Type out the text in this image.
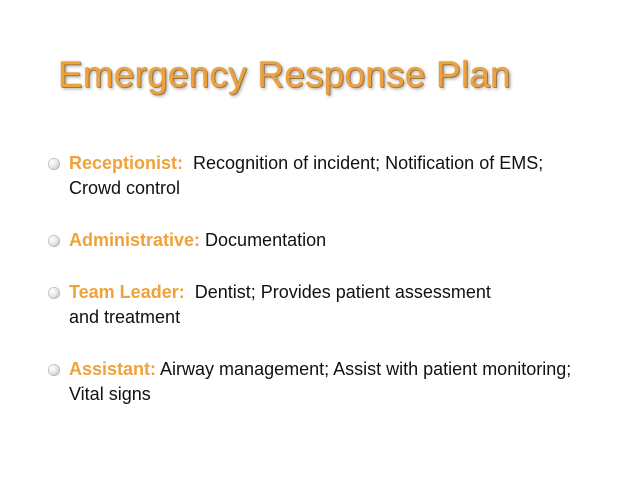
Emergency Response Plan
Receptionist: Recognition of incident; Notification of EMS; Crowd control
Administrative: Documentation
Team Leader: Dentist; Provides patient assessment and treatment
Assistant: Airway management; Assist with patient monitoring; Vital signs
